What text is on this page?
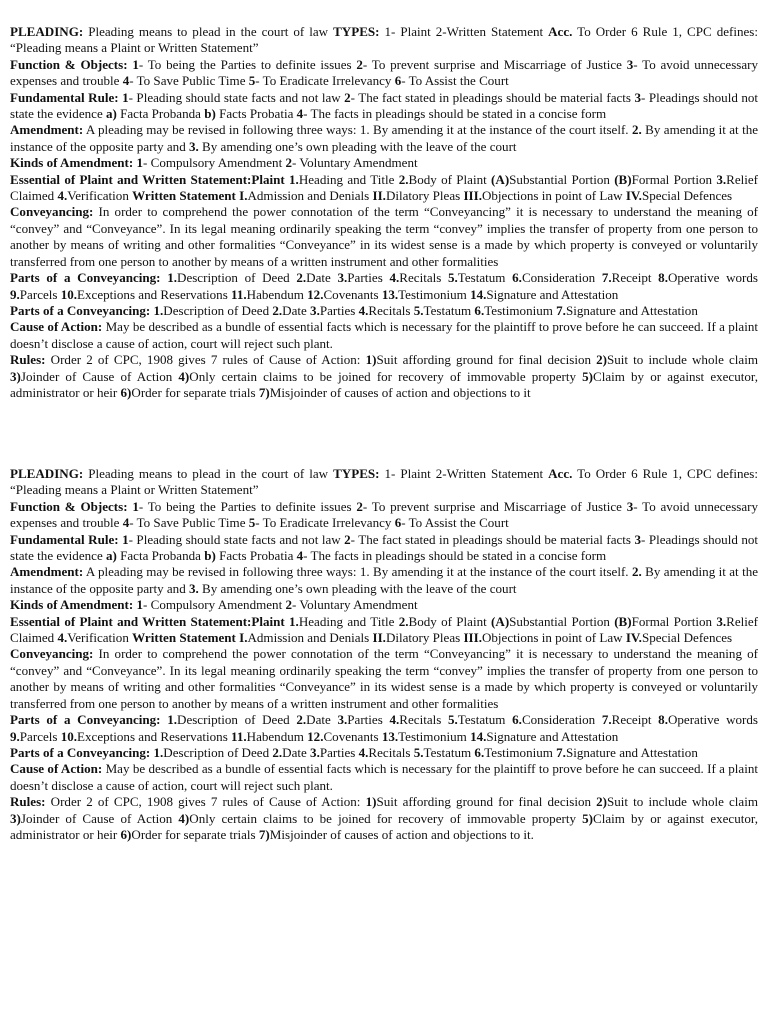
PLEADING: Pleading means to plead in the court of law TYPES: 1- Plaint 2-Written Statement Acc. To Order 6 Rule 1, CPC defines: “Pleading means a Plaint or Written Statement”

Function & Objects: 1- To being the Parties to definite issues 2- To prevent surprise and Miscarriage of Justice 3- To avoid unnecessary expenses and trouble 4- To Save Public Time 5- To Eradicate Irrelevancy 6- To Assist the Court

Fundamental Rule: 1- Pleading should state facts and not law 2- The fact stated in pleadings should be material facts 3- Pleadings should not state the evidence a) Facta Probanda b) Facts Probatia 4- The facts in pleadings should be stated in a concise form

Amendment: A pleading may be revised in following three ways: 1. By amending it at the instance of the court itself. 2. By amending it at the instance of the opposite party and 3. By amending one’s own pleading with the leave of the court

Kinds of Amendment: 1- Compulsory Amendment 2- Voluntary Amendment

Essential of Plaint and Written Statement:Plaint 1.Heading and Title 2.Body of Plaint (A)Substantial Portion (B)Formal Portion 3.Relief Claimed 4.Verification Written Statement I.Admission and Denials II.Dilatory Pleas III.Objections in point of Law IV.Special Defences

Conveyancing: In order to comprehend the power connotation of the term “Conveyancing” it is necessary to understand the meaning of “convey” and “Conveyance”. In its legal meaning ordinarily speaking the term “convey” implies the transfer of property from one person to another by means of writing and other formalities “Conveyance” in its widest sense is a made by which property is conveyed or voluntarily transferred from one person to another by means of a written instrument and other formalities

Parts of a Conveyancing: 1.Description of Deed 2.Date 3.Parties 4.Recitals 5.Testatum 6.Consideration 7.Receipt 8.Operative words 9.Parcels 10.Exceptions and Reservations 11.Habendum 12.Covenants 13.Testimonium 14.Signature and Attestation

Parts of a Conveyancing: 1.Description of Deed 2.Date 3.Parties 4.Recitals 5.Testatum 6.Testimonium 7.Signature and Attestation

Cause of Action: May be described as a bundle of essential facts which is necessary for the plaintiff to prove before he can succeed. If a plaint doesn’t disclose a cause of action, court will reject such plant.

Rules: Order 2 of CPC, 1908 gives 7 rules of Cause of Action: 1)Suit affording ground for final decision 2)Suit to include whole claim 3)Joinder of Cause of Action 4)Only certain claims to be joined for recovery of immovable property 5)Claim by or against executor, administrator or heir 6)Order for separate trials 7)Misjoinder of causes of action and objections to it

PLEADING: Pleading means to plead in the court of law TYPES: 1- Plaint 2-Written Statement Acc. To Order 6 Rule 1, CPC defines: “Pleading means a Plaint or Written Statement”

Function & Objects: 1- To being the Parties to definite issues 2- To prevent surprise and Miscarriage of Justice 3- To avoid unnecessary expenses and trouble 4- To Save Public Time 5- To Eradicate Irrelevancy 6- To Assist the Court

Fundamental Rule: 1- Pleading should state facts and not law 2- The fact stated in pleadings should be material facts 3- Pleadings should not state the evidence a) Facta Probanda b) Facts Probatia 4- The facts in pleadings should be stated in a concise form

Amendment: A pleading may be revised in following three ways: 1. By amending it at the instance of the court itself. 2. By amending it at the instance of the opposite party and 3. By amending one’s own pleading with the leave of the court

Kinds of Amendment: 1- Compulsory Amendment 2- Voluntary Amendment

Essential of Plaint and Written Statement:Plaint 1.Heading and Title 2.Body of Plaint (A)Substantial Portion (B)Formal Portion 3.Relief Claimed 4.Verification Written Statement I.Admission and Denials II.Dilatory Pleas III.Objections in point of Law IV.Special Defences

Conveyancing: In order to comprehend the power connotation of the term “Conveyancing” it is necessary to understand the meaning of “convey” and “Conveyance”. In its legal meaning ordinarily speaking the term “convey” implies the transfer of property from one person to another by means of writing and other formalities “Conveyance” in its widest sense is a made by which property is conveyed or voluntarily transferred from one person to another by means of a written instrument and other formalities

Parts of a Conveyancing: 1.Description of Deed 2.Date 3.Parties 4.Recitals 5.Testatum 6.Consideration 7.Receipt 8.Operative words 9.Parcels 10.Exceptions and Reservations 11.Habendum 12.Covenants 13.Testimonium 14.Signature and Attestation

Parts of a Conveyancing: 1.Description of Deed 2.Date 3.Parties 4.Recitals 5.Testatum 6.Testimonium 7.Signature and Attestation

Cause of Action: May be described as a bundle of essential facts which is necessary for the plaintiff to prove before he can succeed. If a plaint doesn’t disclose a cause of action, court will reject such plant.

Rules: Order 2 of CPC, 1908 gives 7 rules of Cause of Action: 1)Suit affording ground for final decision 2)Suit to include whole claim 3)Joinder of Cause of Action 4)Only certain claims to be joined for recovery of immovable property 5)Claim by or against executor, administrator or heir 6)Order for separate trials 7)Misjoinder of causes of action and objections to it.
